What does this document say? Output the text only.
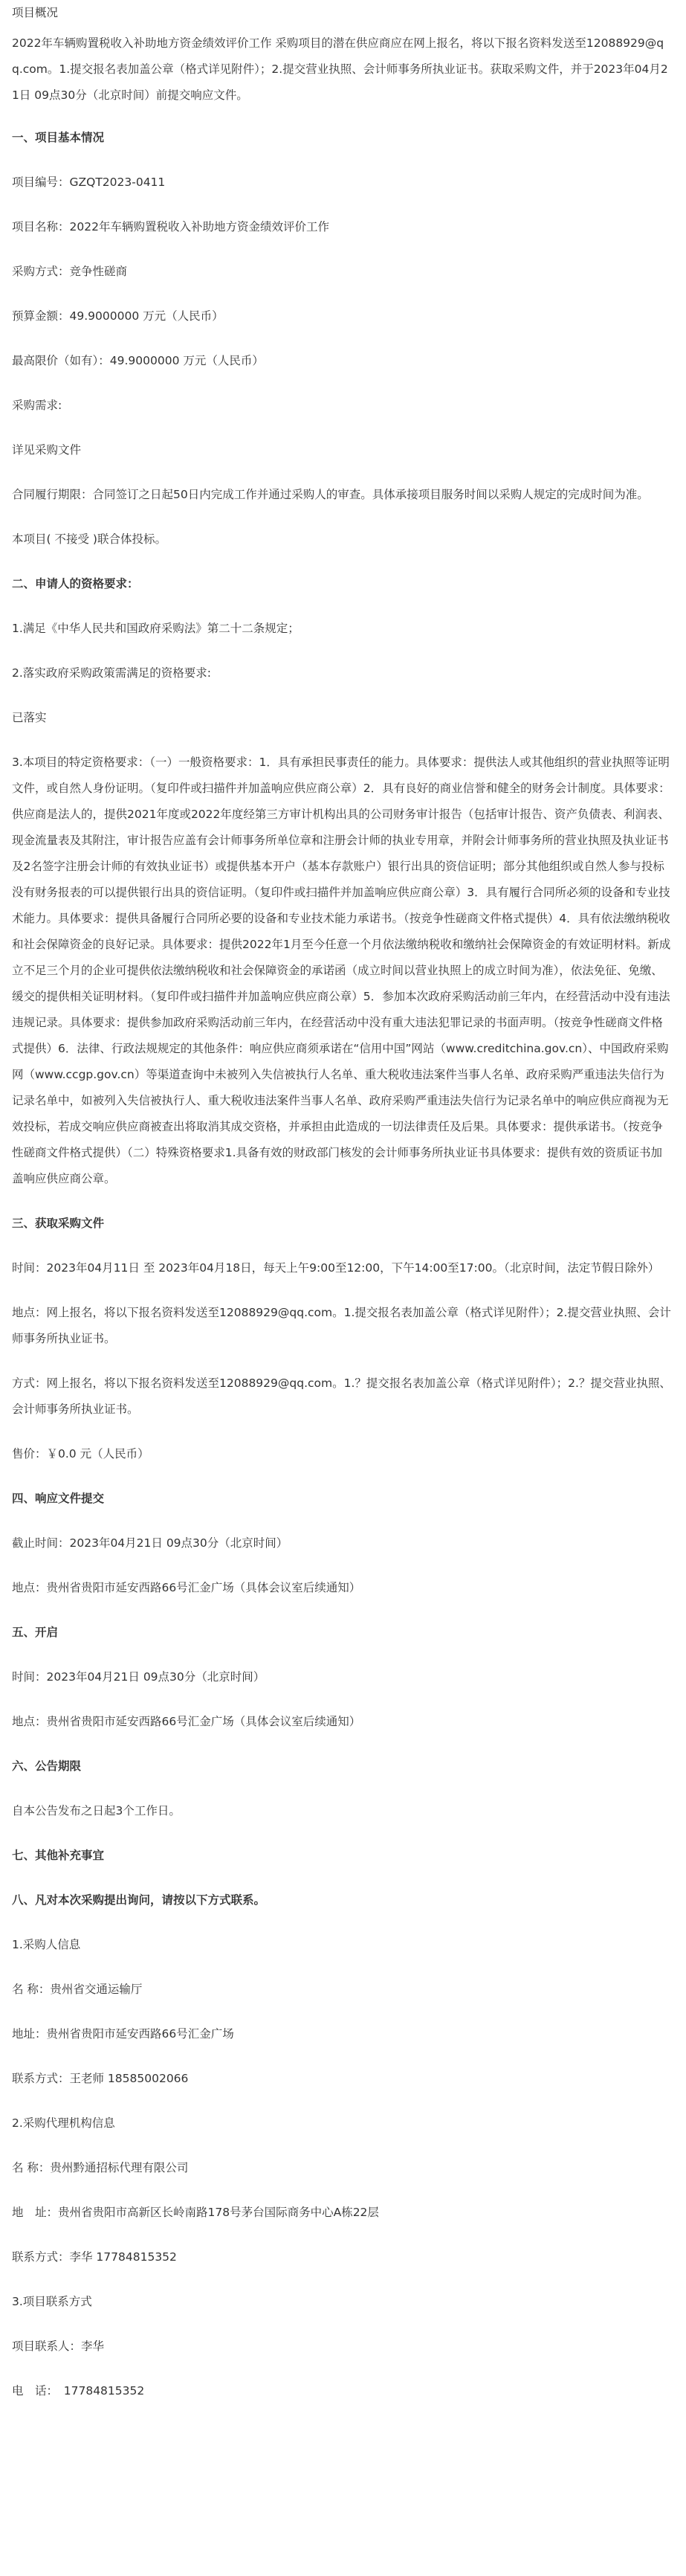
项目概况

2022年车辆购置税收入补助地方资金绩效评价工作 采购项目的潜在供应商应在网上报名，将以下报名资料发送至12088929@qq.com。1.提交报名表加盖公章（格式详见附件）；2.提交营业执照、会计师事务所执业证书。获取采购文件，并于2023年04月21日 09点30分（北京时间）前提交响应文件。

一、项目基本情况

项目编号：GZQT2023-0411

项目名称：2022年车辆购置税收入补助地方资金绩效评价工作

采购方式：竞争性磋商

预算金额：49.9000000 万元（人民币）

最高限价（如有）：49.9000000 万元（人民币）

采购需求:

详见采购文件

合同履行期限：合同签订之日起50日内完成工作并通过采购人的审查。具体承接项目服务时间以采购人规定的完成时间为准。

本项目( 不接受 )联合体投标。

二、申请人的资格要求：

1.满足《中华人民共和国政府采购法》第二十二条规定；

2.落实政府采购政策需满足的资格要求:

已落实

3.本项目的特定资格要求：（一）一般资格要求：1．具有承担民事责任的能力。具体要求：提供法人或其他组织的营业执照等证明文件，或自然人身份证明。（复印件或扫描件并加盖响应供应商公章）2．具有良好的商业信誉和健全的财务会计制度。具体要求：供应商是法人的，提供2021年度或2022年度经第三方审计机构出具的公司财务审计报告（包括审计报告、资产负债表、利润表、现金流量表及其附注，审计报告应盖有会计师事务所单位章和注册会计师的执业专用章，并附会计师事务所的营业执照及执业证书及2名签字注册会计师的有效执业证书）或提供基本开户（基本存款账户）银行出具的资信证明；部分其他组织或自然人参与投标没有财务报表的可以提供银行出具的资信证明。（复印件或扫描件并加盖响应供应商公章）3．具有履行合同所必须的设备和专业技术能力。具体要求：提供具备履行合同所必要的设备和专业技术能力承诺书。（按竞争性磋商文件格式提供）4．具有依法缴纳税收和社会保障资金的良好记录。具体要求：提供2022年1月至今任意一个月依法缴纳税收和缴纳社会保障资金的有效证明材料。新成立不足三个月的企业可提供依法缴纳税收和社会保障资金的承诺函（成立时间以营业执照上的成立时间为准），依法免征、免缴、缓交的提供相关证明材料。（复印件或扫描件并加盖响应供应商公章）5．参加本次政府采购活动前三年内，在经营活动中没有违法违规记录。具体要求：提供参加政府采购活动前三年内，在经营活动中没有重大违法犯罪记录的书面声明。（按竞争性磋商文件格式提供）6．法律、行政法规规定的其他条件：响应供应商须承诺在“信用中国”网站（www.creditchina.gov.cn）、中国政府采购网（www.ccgp.gov.cn）等渠道查询中未被列入失信被执行人名单、重大税收违法案件当事人名单、政府采购严重违法失信行为记录名单中，如被列入失信被执行人、重大税收违法案件当事人名单、政府采购严重违法失信行为记录名单中的响应供应商视为无效投标，若成交响应供应商被查出将取消其成交资格，并承担由此造成的一切法律责任及后果。具体要求：提供承诺书。（按竞争性磋商文件格式提供）（二）特殊资格要求1.具备有效的财政部门核发的会计师事务所执业证书具体要求：提供有效的资质证书加盖响应供应商公章。

三、获取采购文件

时间：2023年04月11日 至 2023年04月18日，每天上午9:00至12:00，下午14:00至17:00。（北京时间，法定节假日除外）

地点：网上报名，将以下报名资料发送至12088929@qq.com。1.提交报名表加盖公章（格式详见附件）；2.提交营业执照、会计师事务所执业证书。

方式：网上报名，将以下报名资料发送至12088929@qq.com。1.？提交报名表加盖公章（格式详见附件）；2.？提交营业执照、会计师事务所执业证书。

售价：￥0.0 元（人民币）

四、响应文件提交

截止时间：2023年04月21日 09点30分（北京时间）

地点：贵州省贵阳市延安西路66号汇金广场（具体会议室后续通知）

五、开启

时间：2023年04月21日 09点30分（北京时间）

地点：贵州省贵阳市延安西路66号汇金广场（具体会议室后续通知）

六、公告期限

自本公告发布之日起3个工作日。

七、其他补充事宜

八、凡对本次采购提出询问，请按以下方式联系。

1.采购人信息

名 称：贵州省交通运输厅

地址：贵州省贵阳市延安西路66号汇金广场

联系方式：王老师 18585002066

2.采购代理机构信息

名 称：贵州黔通招标代理有限公司

地　址：贵州省贵阳市高新区长岭南路178号茅台国际商务中心A栋22层

联系方式：李华 17784815352

3.项目联系方式

项目联系人：李华

电　话：　17784815352
